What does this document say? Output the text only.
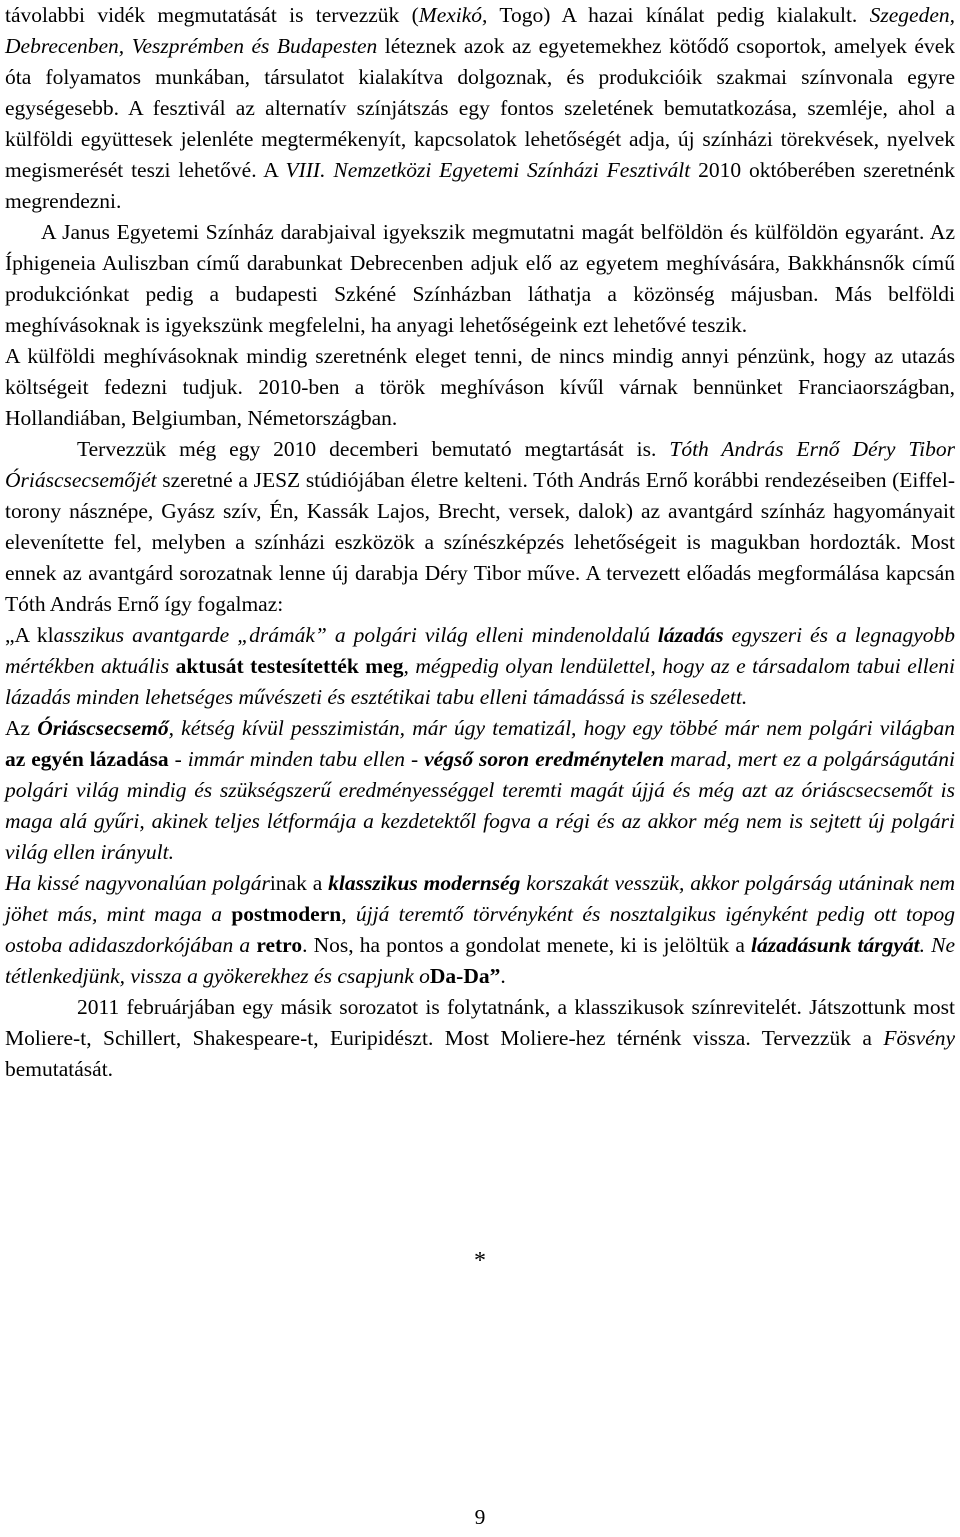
távolabbi vidék megmutatását is tervezzük (Mexikó, Togo) A hazai kínálat pedig kialakult. Szegeden, Debrecenben, Veszprémben és Budapesten léteznek azok az egyetemekhez kötődő csoportok, amelyek évek óta folyamatos munkában, társulatot kialakítva dolgoznak, és produkcióik szakmai színvonala egyre egységesebb. A fesztivál az alternatív színjátszás egy fontos szeletének bemutatkozása, szemléje, ahol a külföldi együttesek jelenléte megtermékenyít, kapcsolatok lehetőségét adja, új színházi törekvések, nyelvek megismerését teszi lehetővé. A VIII. Nemzetközi Egyetemi Színházi Fesztivált 2010 októberében szeretnénk megrendezni.

A Janus Egyetemi Színház darabjaival igyekszik megmutatni magát belföldön és külföldön egyaránt. Az Íphigeneia Auliszban című darabunkat Debrecenben adjuk elő az egyetem meghívására, Bakkhánsnők című produkciónkat pedig a budapesti Szkéné Színházban láthatja a közönség májusban. Más belföldi meghívásoknak is igyekszünk megfelelni, ha anyagi lehetőségeink ezt lehetővé teszik.

A külföldi meghívásoknak mindig szeretnénk eleget tenni, de nincs mindig annyi pénzünk, hogy az utazás költségeit fedezni tudjuk. 2010-ben a török meghíváson kívűl várnak bennünket Franciaországban, Hollandiában, Belgiumban, Németországban.

Tervezzük még egy 2010 decemberi bemutató megtartását is. Tóth András Ernő Déry Tibor Óriáscsecsemőjét szeretné a JESZ stúdiójában életre kelteni. Tóth András Ernő korábbi rendezéseiben (Eiffel-torony násznépe, Gyász szív, Én, Kassák Lajos, Brecht, versek, dalok) az avantgárd színház hagyományait elevenítette fel, melyben a színházi eszközök a színészképzés lehetőségeit is magukban hordozták. Most ennek az avantgárd sorozatnak lenne új darabja Déry Tibor műve. A tervezett előadás megformálása kapcsán Tóth András Ernő így fogalmaz:

„A klasszikus avantgarde „drámák” a polgári világ elleni mindenoldalú lázadás egyszeri és a legnagyobb mértékben aktuális aktusát testesítették meg, mégpedig olyan lendülettel, hogy az e társadalom tabui elleni lázadás minden lehetséges művészeti és esztétikai tabu elleni támadássá is szélesedett.

Az Óriáscsecsemő, kétség kívül pesszimistán, már úgy tematizál, hogy egy többé már nem polgári világban az egyén lázadása - immár minden tabu ellen - végső soron eredménytelen marad, mert ez a polgárságutáni polgári világ mindig és szükségszerű eredményességgel teremti magát újjá és még azt az óriáscsecsemőt is maga alá gyűri, akinek teljes létformája a kezdetektől fogva a régi és az akkor még nem is sejtett új polgári világ ellen irányult.

Ha kissé nagyvonalúan polgárinak a klasszikus modernség korszakát vesszük, akkor polgárság utáninak nem jöhet más, mint maga a postmodern, újjá teremtő törvényként és nosztalgikus igényként pedig ott topog ostoba adidaszdorkójában a retro. Nos, ha pontos a gondolat menete, ki is jelöltük a lázadásunk tárgyát. Ne tétlenkedjünk, vissza a gyökerekhez és csapjunk oDa-Da”.

2011 februárjában egy másik sorozatot is folytatnánk, a klasszikusok színrevitelét. Játszottunk most Moliere-t, Schillert, Shakespeare-t, Euripidészt. Most Moliere-hez térnénk vissza. Tervezzük a Fösvény bemutatását.

*
9
